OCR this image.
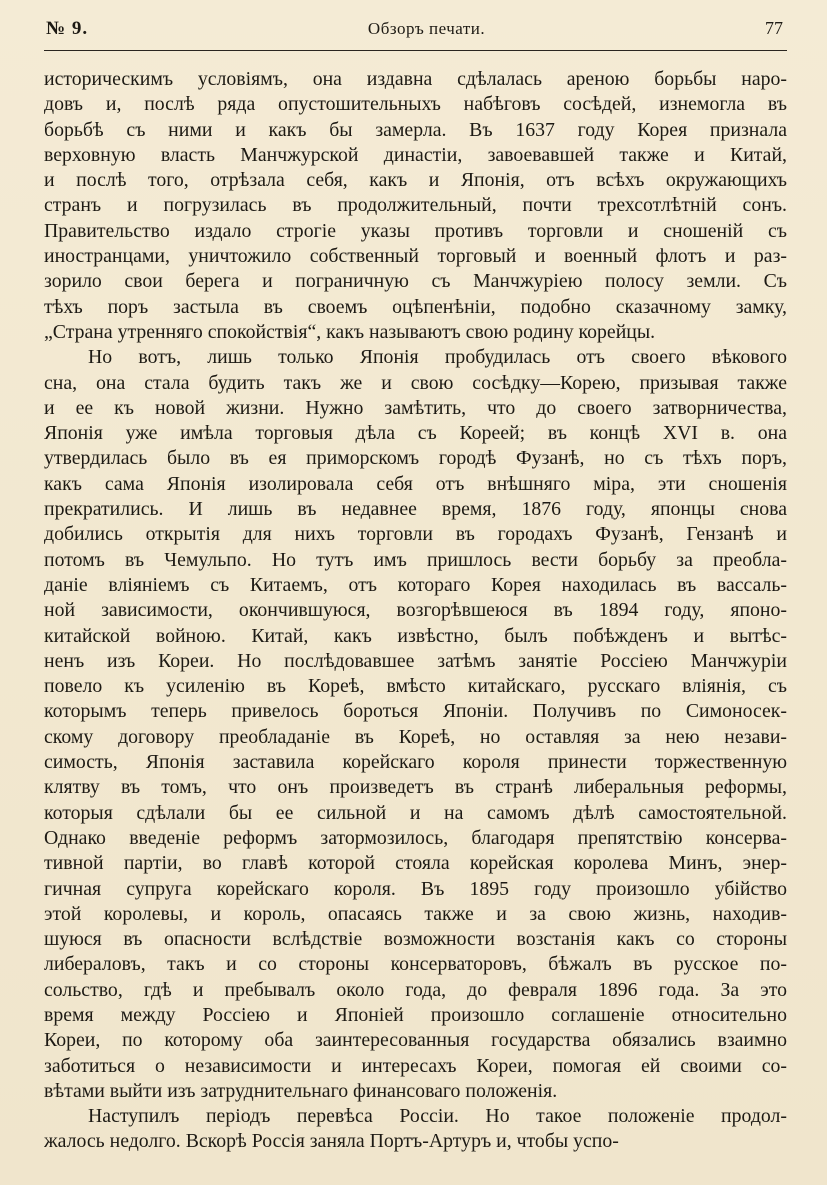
№ 9.	Обзоръ печати.	77
историческимъ условіямъ, она издавна сдѣлалась ареною борьбы наро-
довъ и, послѣ ряда опустошительныхъ набѣговъ сосѣдей, изнемогла въ
борьбѣ съ ними и какъ бы замерла. Въ 1637 году Корея признала
верховную власть Манчжурской династіи, завоевавшей также и Китай,
и послѣ того, отрѣзала себя, какъ и Японія, отъ всѣхъ окружающихъ
странъ и погрузилась въ продолжительный, почти трехсотлѣтній сонъ.
Правительство издало строгіе указы противъ торговли и сношеній съ
иностранцами, уничтожило собственный торговый и военный флотъ и раз-
зорило свои берега и пограничную съ Манчжуріею полосу земли. Съ
тѣхъ поръ застыла въ своемъ оцѣпенѣніи, подобно сказачному замку,
„Страна утренняго спокойствія“, какъ называютъ свою родину корейцы.
Но вотъ, лишь только Японія пробудилась отъ своего вѣкового
сна, она стала будить такъ же и свою сосѣдку—Корею, призывая также
и ее къ новой жизни. Нужно замѣтить, что до своего затворничества,
Японія уже имѣла торговыя дѣла съ Кореей; въ концѣ XVI в. она
утвердилась было въ ея приморскомъ городѣ Фузанѣ, но съ тѣхъ поръ,
какъ сама Японія изолировала себя отъ внѣшняго міра, эти сношенія
прекратились. И лишь въ недавнее время, 1876 году, японцы снова
добились открытія для нихъ торговли въ городахъ Фузанѣ, Гензанѣ и
потомъ въ Чемульпо. Но тутъ имъ пришлось вести борьбу за преобла-
даніе вліяніемъ съ Китаемъ, отъ котораго Корея находилась въ вассаль-
ной зависимости, окончившуюся, возгорѣвшеюся въ 1894 году, японо-
китайской войною. Китай, какъ извѣстно, былъ побѣжденъ и вытѣс-
ненъ изъ Кореи. Но послѣдовавшее затѣмъ занятіе Россіею Манчжуріи
повело къ усиленію въ Кореѣ, вмѣсто китайскаго, русскаго вліянія, съ
которымъ теперь привелось бороться Японіи. Получивъ по Симоносек-
скому договору преобладаніе въ Кореѣ, но оставляя за нею незави-
симость, Японія заставила корейскаго короля принести торжественную
клятву въ томъ, что онъ произведетъ въ странѣ либеральныя реформы,
которыя сдѣлали бы ее сильной и на самомъ дѣлѣ самостоятельной.
Однако введеніе реформъ затормозилось, благодаря препятствію консерва-
тивной партіи, во главѣ которой стояла корейская королева Минъ, энер-
гичная супруга корейскаго короля. Въ 1895 году произошло убійство
этой королевы, и король, опасаясь также и за свою жизнь, находив-
шуюся въ опасности вслѣдствіе возможности возстанія какъ со стороны
либераловъ, такъ и со стороны консерваторовъ, бѣжалъ въ русское по-
сольство, гдѣ и пребывалъ около года, до февраля 1896 года. За это
время между Россіею и Японіей произошло соглашеніе относительно
Кореи, по которому оба заинтересованныя государства обязались взаимно
заботиться о независимости и интересахъ Кореи, помогая ей своими со-
вѣтами выйти изъ затруднительнаго финансоваго положенія.
Наступилъ періодъ перевѣса Россіи. Но такое положеніе продол-
жалось недолго. Вскорѣ Россія заняла Портъ-Артуръ и, чтобы успо-
